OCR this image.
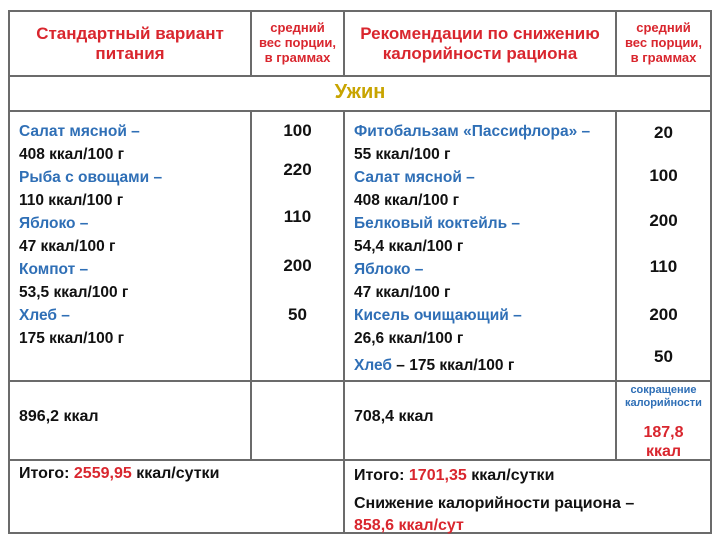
Стандартный вариант
питания
средний
вес порции,
в граммах
Рекомендации по снижению
калорийности рациона
средний
вес порции,
в граммах
Ужин
Салат мясной –
408 ккал/100 г
Рыба с овощами –
110 ккал/100 г
Яблоко –
47 ккал/100 г
Компот –
53,5 ккал/100 г
Хлеб –
175 ккал/100 г
100
220
110
200
50
Фитобальзам «Пассифлора» –
55 ккал/100 г
Салат мясной –
408 ккал/100 г
Белковый коктейль –
54,4 ккал/100 г
Яблоко –
47 ккал/100 г
Кисель очищающий –
26,6 ккал/100 г
Хлеб – 175 ккал/100 г
20
100
200
110
200
50
896,2 ккал	708,4 ккал
сокращение
калорийности
187,8
ккал
Итого: 2559,95 ккал/сутки	Итого: 1701,35 ккал/сутки
Снижение калорийности рациона –
858,6 ккал/сут
